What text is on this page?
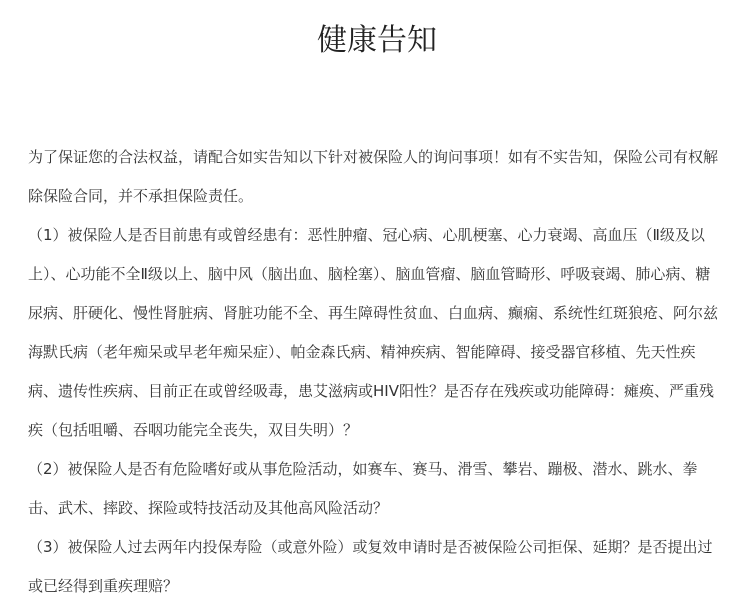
健康告知

为了保证您的合法权益，请配合如实告知以下针对被保险人的询问事项！如有不实告知，保险公司有权解除保险合同，并不承担保险责任。

（1）被保险人是否目前患有或曾经患有：恶性肿瘤、冠心病、心肌梗塞、心力衰竭、高血压（Ⅱ级及以上）、心功能不全Ⅱ级以上、脑中风（脑出血、脑栓塞）、脑血管瘤、脑血管畸形、呼吸衰竭、肺心病、糖尿病、肝硬化、慢性肾脏病、肾脏功能不全、再生障碍性贫血、白血病、癫痫、系统性红斑狼疮、阿尔兹海默氏病（老年痴呆或早老年痴呆症）、帕金森氏病、精神疾病、智能障碍、接受器官移植、先天性疾病、遗传性疾病、目前正在或曾经吸毒，患艾滋病或HIV阳性？是否存在残疾或功能障碍：瘫痪、严重残疾（包括咀嚼、吞咽功能完全丧失，双目失明）？

（2）被保险人是否有危险嗜好或从事危险活动，如赛车、赛马、滑雪、攀岩、蹦极、潜水、跳水、拳击、武术、摔跤、探险或特技活动及其他高风险活动？

（3）被保险人过去两年内投保寿险（或意外险）或复效申请时是否被保险公司拒保、延期？是否提出过或已经得到重疾理赔？
